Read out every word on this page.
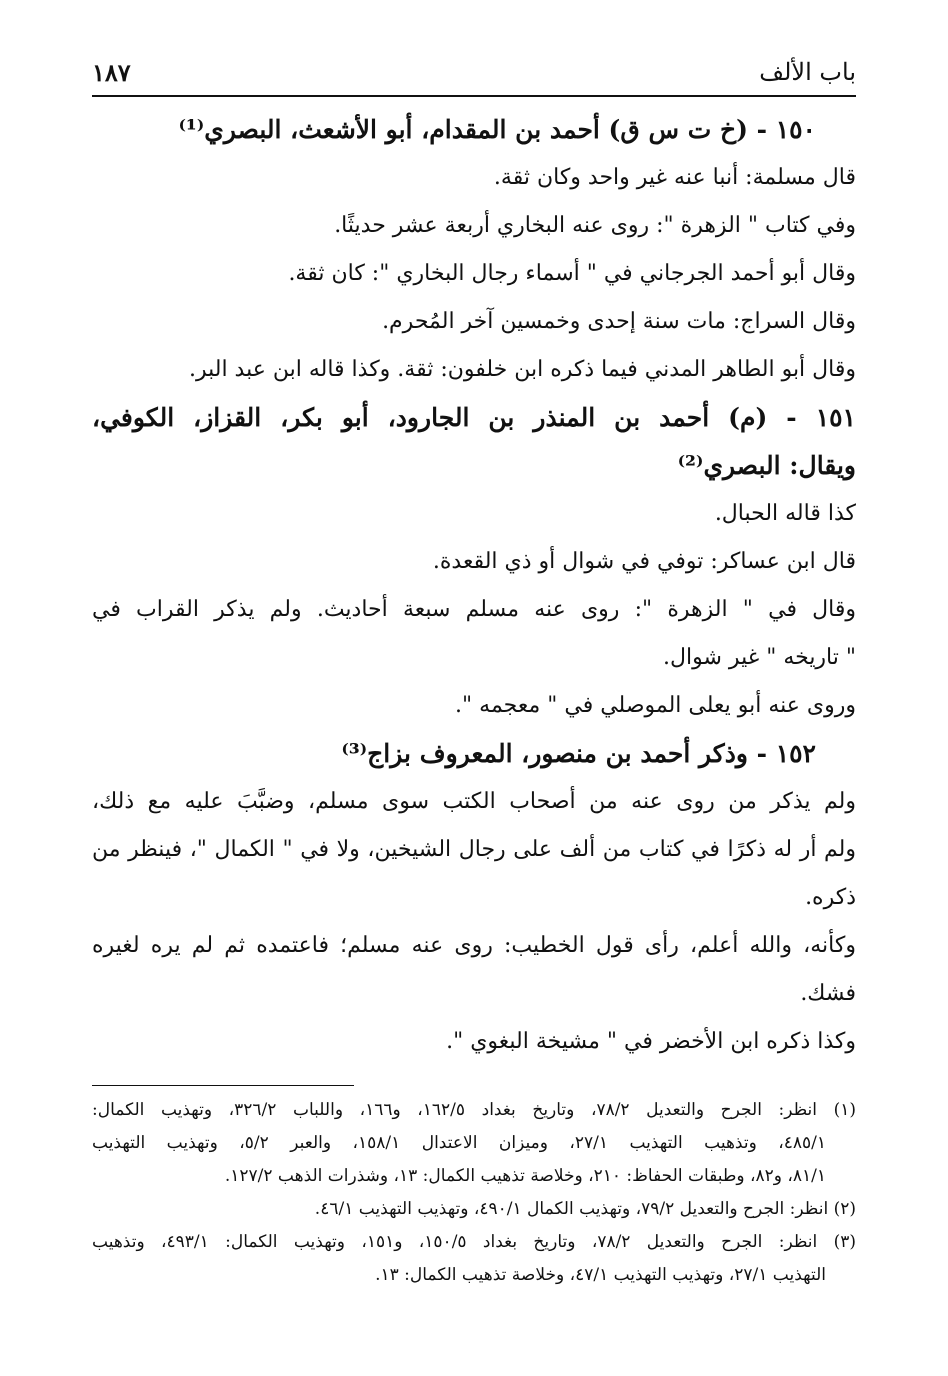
باب الألف
١٨٧
١٥٠ - (خ ت س ق) أحمد بن المقدام، أبو الأشعث، البصري⁽¹⁾
قال مسلمة: أنبا عنه غير واحد وكان ثقة.
وفي كتاب " الزهرة ": روى عنه البخاري أربعة عشر حديثًا.
وقال أبو أحمد الجرجاني في " أسماء رجال البخاري ": كان ثقة.
وقال السراج: مات سنة إحدى وخمسين آخر المُحرم.
وقال أبو الطاهر المدني فيما ذكره ابن خلفون: ثقة. وكذا قاله ابن عبد البر.
١٥١ - (م) أحمد بن المنذر بن الجارود، أبو بكر، القزاز، الكوفي،
ويقال: البصري⁽²⁾
كذا قاله الحبال.
قال ابن عساكر: توفي في شوال أو ذي القعدة.
وقال في " الزهرة ": روى عنه مسلم سبعة أحاديث. ولم يذكر القراب في
" تاريخه " غير شوال.
وروى عنه أبو يعلى الموصلي في " معجمه ".
١٥٢ - وذكر أحمد بن منصور، المعروف بزاج⁽³⁾
ولم يذكر من روى عنه من أصحاب الكتب سوى مسلم، وضبَّبَ عليه مع ذلك،
ولم أر له ذكرًا في كتاب من ألف على رجال الشيخين، ولا في " الكمال "، فينظر من
ذكره.
وكأنه، والله أعلم، رأى قول الخطيب: روى عنه مسلم؛ فاعتمده ثم لم يره لغيره
فشك.
وكذا ذكره ابن الأخضر في " مشيخة البغوي ".
(١) انظر: الجرح والتعديل ٧٨/٢، وتاريخ بغداد ١٦٢/٥، و١٦٦، واللباب ٣٢٦/٢، وتهذيب الكمال:
٤٨٥/١، وتذهيب التهذيب ٢٧/١، وميزان الاعتدال ١٥٨/١، والعبر ٥/٢، وتهذيب التهذيب
٨١/١، و٨٢، وطبقات الحفاظ: ٢١٠، وخلاصة تذهيب الكمال: ١٣، وشذرات الذهب ١٢٧/٢.
(٢) انظر: الجرح والتعديل ٧٩/٢، وتهذيب الكمال ٤٩٠/١، وتهذيب التهذيب ٤٦/١.
(٣) انظر: الجرح والتعديل ٧٨/٢، وتاريخ بغداد ١٥٠/٥، و١٥١، وتهذيب الكمال: ٤٩٣/١، وتذهيب
التهذيب ٢٧/١، وتهذيب التهذيب ٤٧/١، وخلاصة تذهيب الكمال: ١٣.
